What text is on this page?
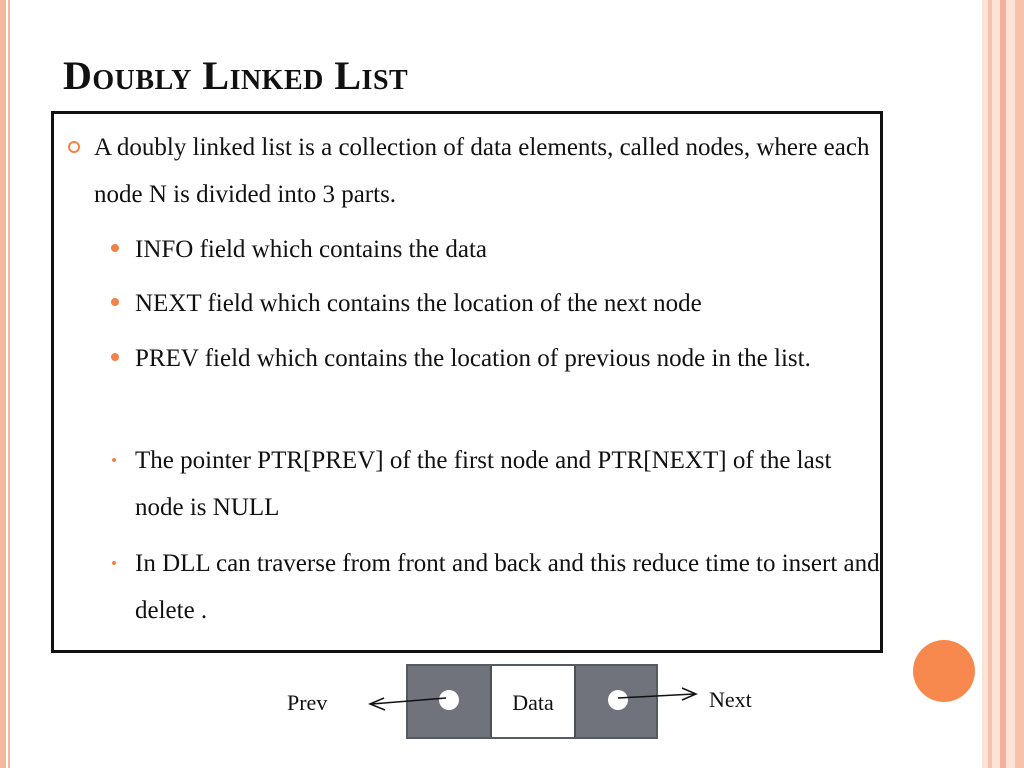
Doubly Linked List
A doubly linked list is a collection of data elements, called nodes, where each node N is divided into 3 parts.
INFO field which contains the data
NEXT field which contains the location of the next node
PREV field which contains the location of previous node in the list.
The pointer PTR[PREV] of the first node and PTR[NEXT] of the last node is NULL
In DLL can traverse from front and back and this reduce time to insert and delete .
Data
Prev	Next
